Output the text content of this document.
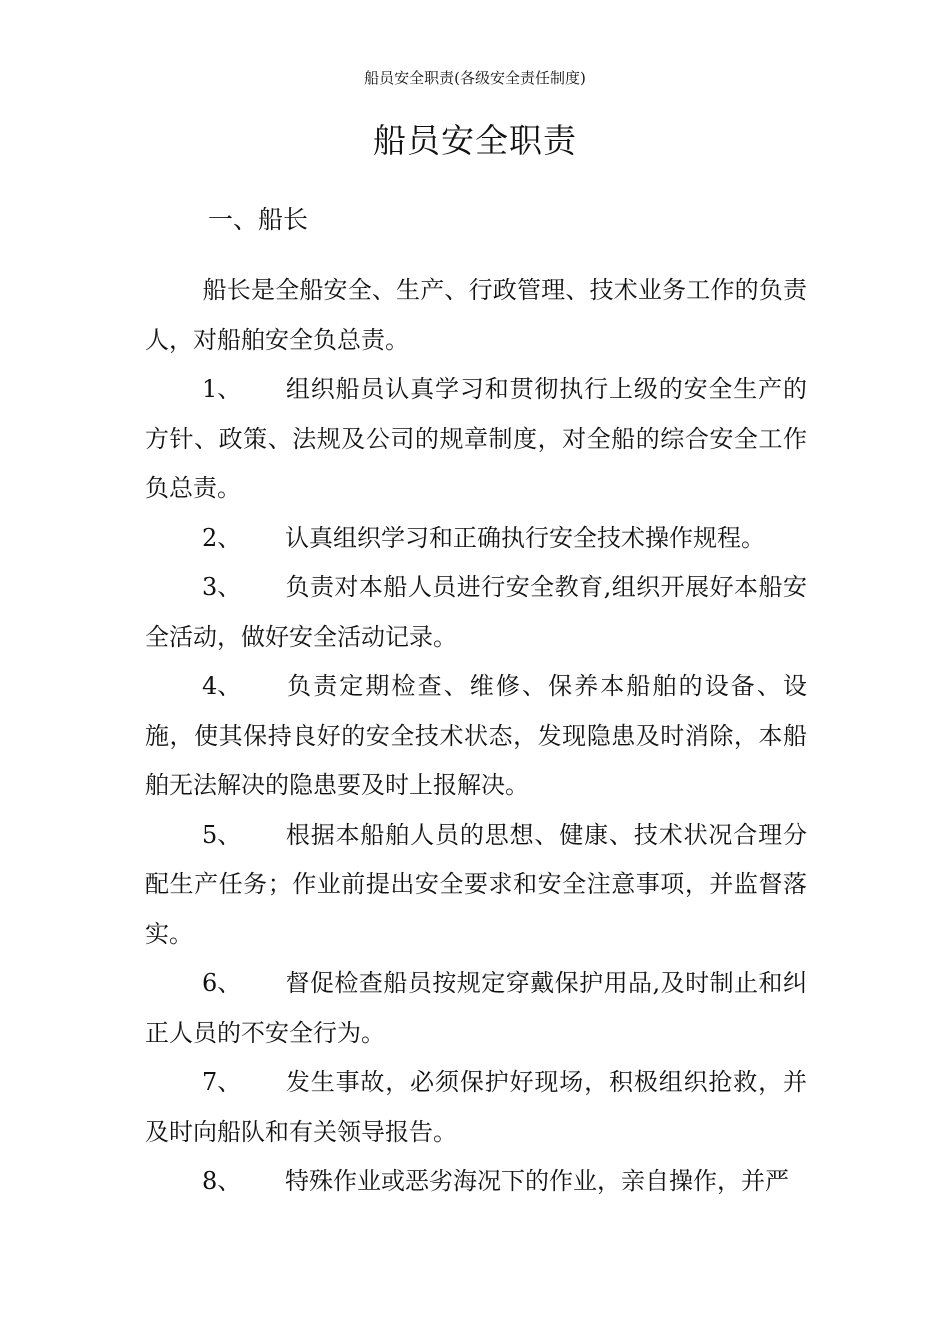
船员安全职责(各级安全责任制度)
船员安全职责
一、船长

船长是全船安全、生产、行政管理、技术业务工作的负责人，对船舶安全负总责。

1、 组织船员认真学习和贯彻执行上级的安全生产的方针、政策、法规及公司的规章制度，对全船的综合安全工作负总责。

2、 认真组织学习和正确执行安全技术操作规程。

3、 负责对本船人员进行安全教育,组织开展好本船安全活动，做好安全活动记录。

4、 负责定期检查、维修、保养本船舶的设备、设施，使其保持良好的安全技术状态，发现隐患及时消除，本船舶无法解决的隐患要及时上报解决。

5、 根据本船舶人员的思想、健康、技术状况合理分配生产任务；作业前提出安全要求和安全注意事项，并监督落实。

6、 督促检查船员按规定穿戴保护用品,及时制止和纠正人员的不安全行为。

7、 发生事故，必须保护好现场，积极组织抢救，并及时向船队和有关领导报告。

8、 特殊作业或恶劣海况下的作业，亲自操作，并严
